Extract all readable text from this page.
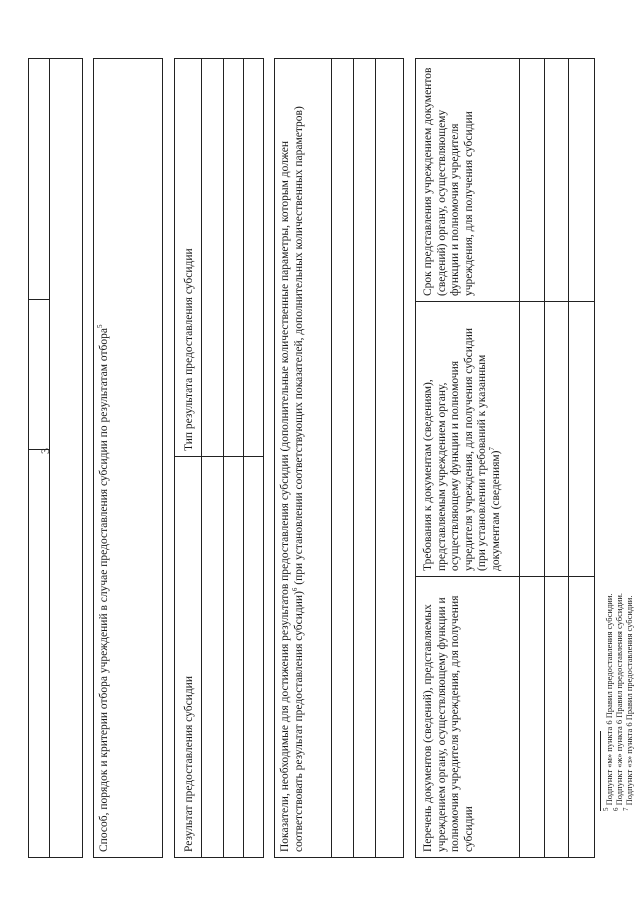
3	Способ, порядок и критерии отбора учреждений в случае предоставления субсидии по результатам отбора$^5$
Результат предоставления субсидии
Тип результата предоставления субсидии	Показатели, необходимые для достижения результатов предоставления субсидии (дополнительные количественные параметры, которым должен соответствовать результат предоставления субсидии)$^6$ (при установлении соответствующих показателей, дополнительных количественных параметров)
Перечень документов (сведений), представляемых учреждением органу, осуществляющему функции и полномочия учредителя учреждения, для получения субсидии
Требования к документам (сведениям), представляемым учреждением органу, осуществляющему функции и полномочия учредителя учреждения, для получения субсидии (при установлении требований к указанным документам (сведениям)$^7$
Срок представления учреждением документов (сведений) органу, осуществляющему функции и полномочия учредителя учреждения, для получения субсидии
$^5$ Подпункт «м» пункта 6 Правил предоставления субсидии.
$^6$ Подпункт «ж» пункта 6 Правил предоставления субсидии.
$^7$ Подпункт «з» пункта 6 Правил предоставления субсидии.
